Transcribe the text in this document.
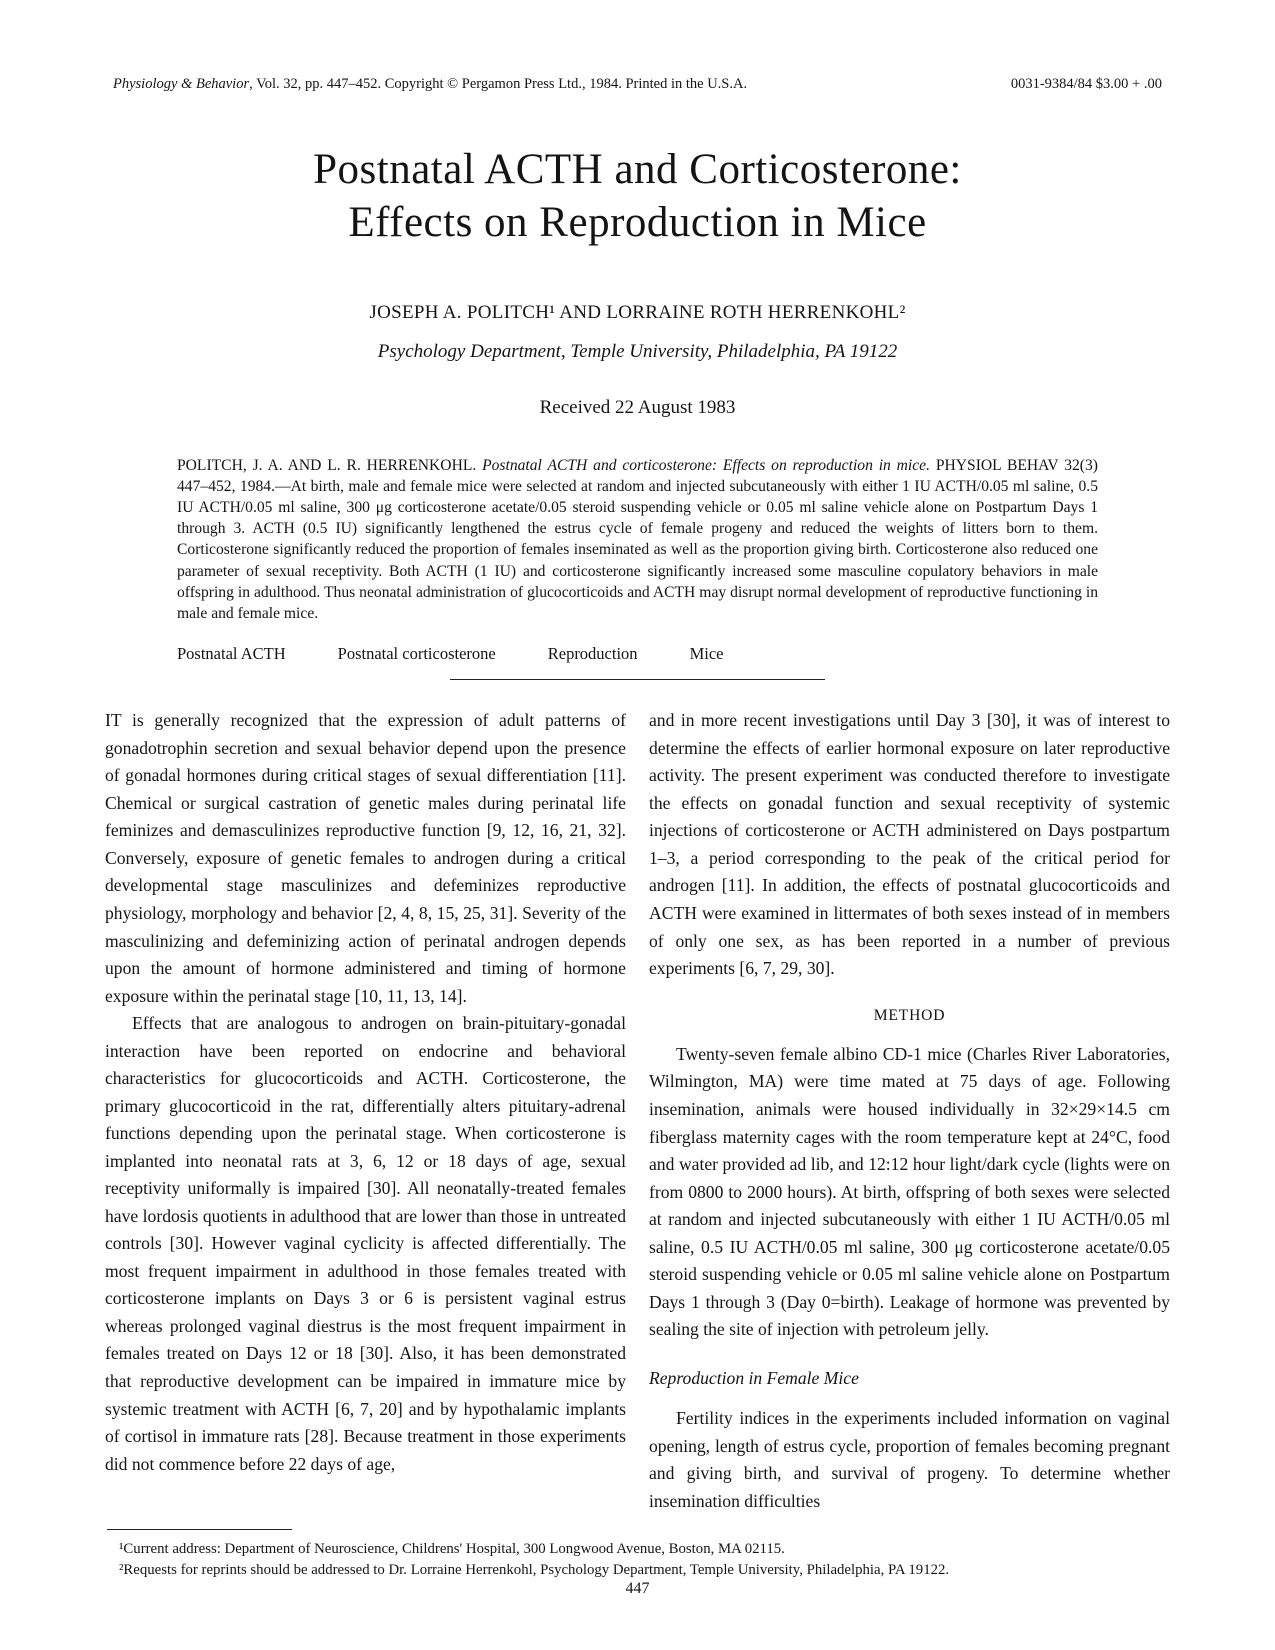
Physiology & Behavior, Vol. 32, pp. 447–452. Copyright © Pergamon Press Ltd., 1984. Printed in the U.S.A.	0031-9384/84 $3.00 + .00
Postnatal ACTH and Corticosterone:
Effects on Reproduction in Mice
JOSEPH A. POLITCH¹ AND LORRAINE ROTH HERRENKOHL²
Psychology Department, Temple University, Philadelphia, PA 19122
Received 22 August 1983
POLITCH, J. A. AND L. R. HERRENKOHL. Postnatal ACTH and corticosterone: Effects on reproduction in mice. PHYSIOL BEHAV 32(3) 447–452, 1984.—At birth, male and female mice were selected at random and injected subcutaneously with either 1 IU ACTH/0.05 ml saline, 0.5 IU ACTH/0.05 ml saline, 300 μg corticosterone acetate/0.05 steroid suspending vehicle or 0.05 ml saline vehicle alone on Postpartum Days 1 through 3. ACTH (0.5 IU) significantly lengthened the estrus cycle of female progeny and reduced the weights of litters born to them. Corticosterone significantly reduced the proportion of females inseminated as well as the proportion giving birth. Corticosterone also reduced one parameter of sexual receptivity. Both ACTH (1 IU) and corticosterone significantly increased some masculine copulatory behaviors in male offspring in adulthood. Thus neonatal administration of glucocorticoids and ACTH may disrupt normal development of reproductive functioning in male and female mice.
Postnatal ACTH	Postnatal corticosterone	Reproduction	Mice

IT is generally recognized that the expression of adult patterns of gonadotrophin secretion and sexual behavior depend upon the presence of gonadal hormones during critical stages of sexual differentiation [11]. Chemical or surgical castration of genetic males during perinatal life feminizes and demasculinizes reproductive function [9, 12, 16, 21, 32]. Conversely, exposure of genetic females to androgen during a critical developmental stage masculinizes and defeminizes reproductive physiology, morphology and behavior [2, 4, 8, 15, 25, 31]. Severity of the masculinizing and defeminizing action of perinatal androgen depends upon the amount of hormone administered and timing of hormone exposure within the perinatal stage [10, 11, 13, 14].

Effects that are analogous to androgen on brain-pituitary-gonadal interaction have been reported on endocrine and behavioral characteristics for glucocorticoids and ACTH. Corticosterone, the primary glucocorticoid in the rat, differentially alters pituitary-adrenal functions depending upon the perinatal stage. When corticosterone is implanted into neonatal rats at 3, 6, 12 or 18 days of age, sexual receptivity uniformally is impaired [30]. All neonatally-treated females have lordosis quotients in adulthood that are lower than those in untreated controls [30]. However vaginal cyclicity is affected differentially. The most frequent impairment in adulthood in those females treated with corticosterone implants on Days 3 or 6 is persistent vaginal estrus whereas prolonged vaginal diestrus is the most frequent impairment in females treated on Days 12 or 18 [30]. Also, it has been demonstrated that reproductive development can be impaired in immature mice by systemic treatment with ACTH [6, 7, 20] and by hypothalamic implants of cortisol in immature rats [28]. Because treatment in those experiments did not commence before 22 days of age,

and in more recent investigations until Day 3 [30], it was of interest to determine the effects of earlier hormonal exposure on later reproductive activity. The present experiment was conducted therefore to investigate the effects on gonadal function and sexual receptivity of systemic injections of corticosterone or ACTH administered on Days postpartum 1–3, a period corresponding to the peak of the critical period for androgen [11]. In addition, the effects of postnatal glucocorticoids and ACTH were examined in littermates of both sexes instead of in members of only one sex, as has been reported in a number of previous experiments [6, 7, 29, 30].

METHOD

Twenty-seven female albino CD-1 mice (Charles River Laboratories, Wilmington, MA) were time mated at 75 days of age. Following insemination, animals were housed individually in 32×29×14.5 cm fiberglass maternity cages with the room temperature kept at 24°C, food and water provided ad lib, and 12:12 hour light/dark cycle (lights were on from 0800 to 2000 hours). At birth, offspring of both sexes were selected at random and injected subcutaneously with either 1 IU ACTH/0.05 ml saline, 0.5 IU ACTH/0.05 ml saline, 300 μg corticosterone acetate/0.05 steroid suspending vehicle or 0.05 ml saline vehicle alone on Postpartum Days 1 through 3 (Day 0=birth). Leakage of hormone was prevented by sealing the site of injection with petroleum jelly.

Reproduction in Female Mice

Fertility indices in the experiments included information on vaginal opening, length of estrus cycle, proportion of females becoming pregnant and giving birth, and survival of progeny. To determine whether insemination difficulties

¹Current address: Department of Neuroscience, Childrens' Hospital, 300 Longwood Avenue, Boston, MA 02115.

²Requests for reprints should be addressed to Dr. Lorraine Herrenkohl, Psychology Department, Temple University, Philadelphia, PA 19122.

447
